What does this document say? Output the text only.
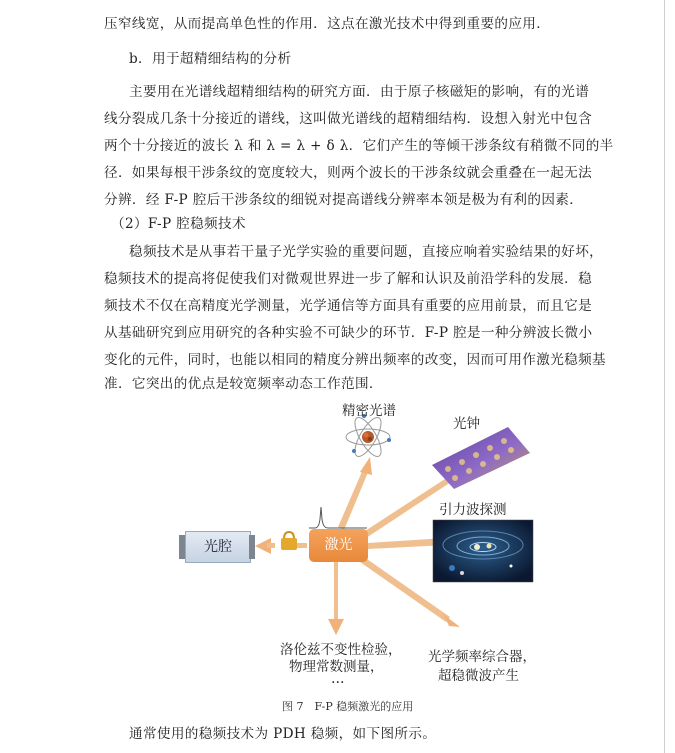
压窄线宽，从而提高单色性的作用．这点在激光技术中得到重要的应用．
b．用于超精细结构的分析
主要用在光谱线超精细结构的研究方面．由于原子核磁矩的影响，有的光谱
线分裂成几条十分接近的谱线，这叫做光谱线的超精细结构．设想入射光中包含
两个十分接近的波长 λ 和 λ = λ + δ λ．它们产生的等倾干涉条纹有稍微不同的半
径．如果每根干涉条纹的宽度较大，则两个波长的干涉条纹就会重叠在一起无法
分辨．经 F-P 腔后干涉条纹的细锐对提高谱线分辨率本领是极为有利的因素．
（2）F-P 腔稳频技术
稳频技术是从事若干量子光学实验的重要问题，直接应响着实验结果的好坏，
稳频技术的提高将促使我们对微观世界进一步了解和认识及前沿学科的发展．稳
频技术不仅在高精度光学测量，光学通信等方面具有重要的应用前景，而且它是
从基础研究到应用研究的各种实验不可缺少的环节．F-P 腔是一种分辨波长微小
变化的元件，同时，也能以相同的精度分辨出频率的改变，因而可用作激光稳频基
准．它突出的优点是较宽频率动态工作范围．
光腔	激光
精密光谱
光钟
引力波探测
光学频率综合器，
超稳微波产生
洛伦兹不变性检验，
物理常数测量，
…
图 7　F-P 稳频激光的应用
通常使用的稳频技术为 PDH 稳频，如下图所示。
